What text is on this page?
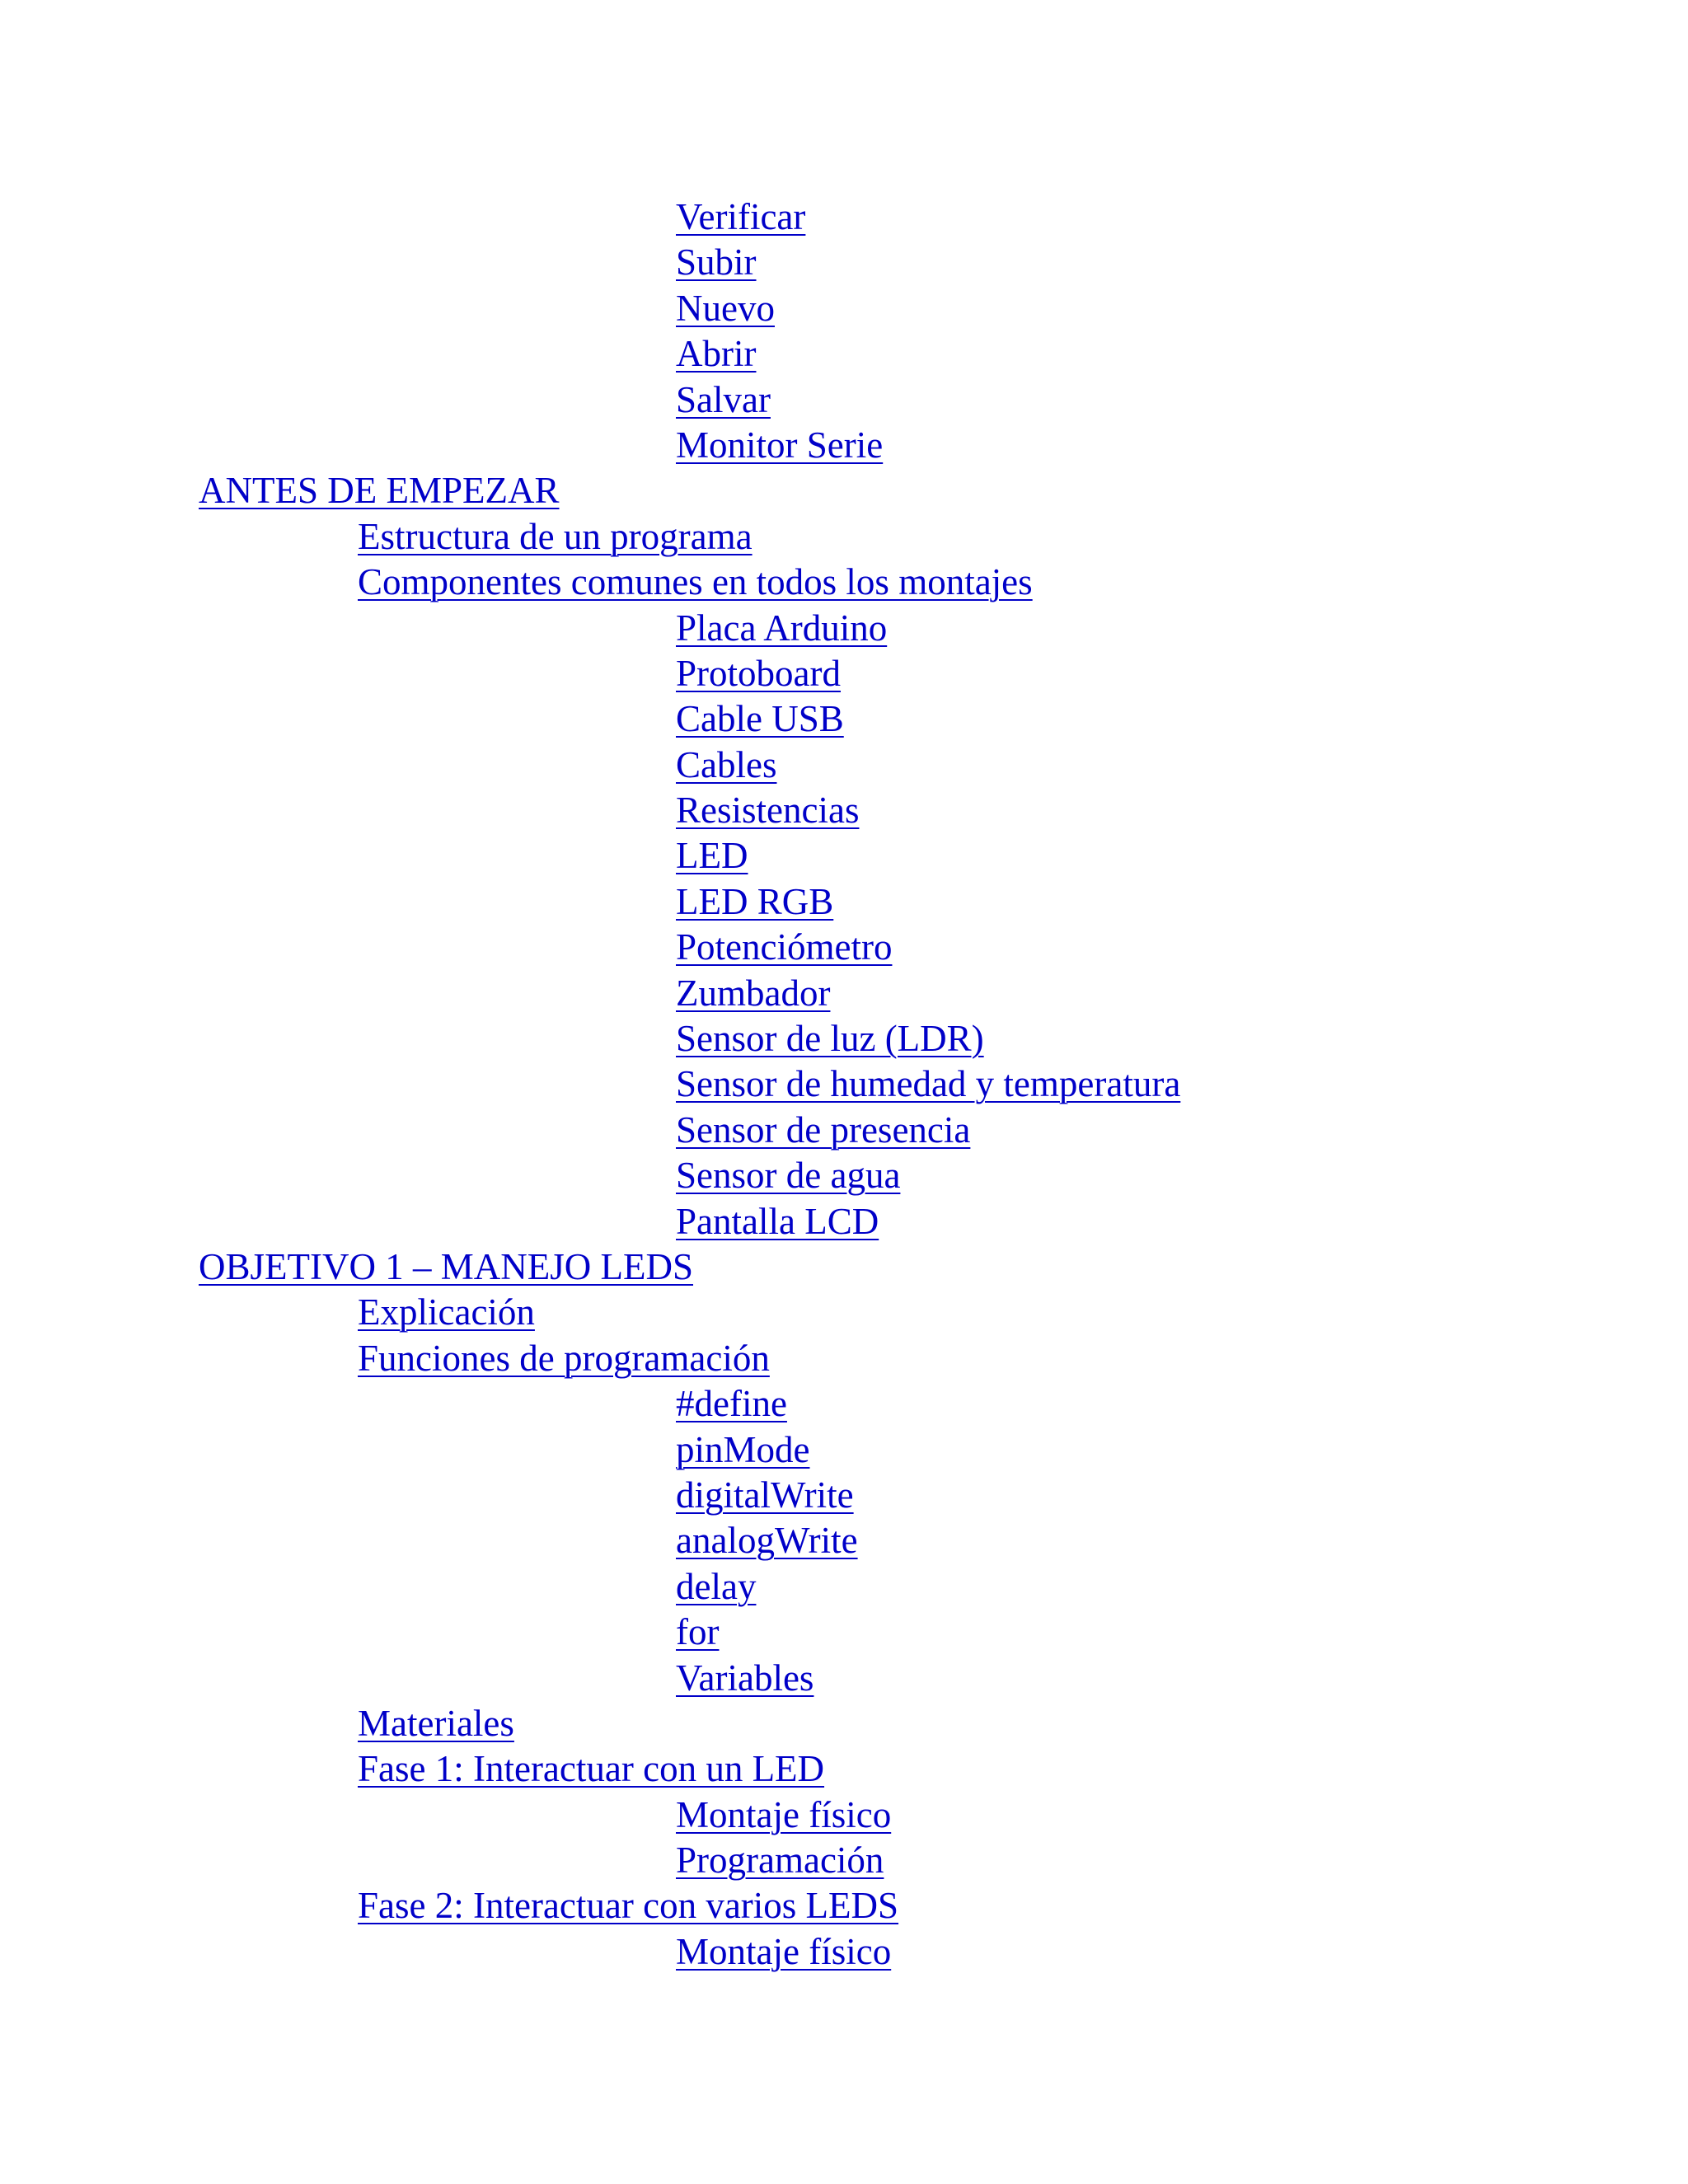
Verificar
Subir
Nuevo
Abrir
Salvar
Monitor Serie
ANTES DE EMPEZAR
Estructura de un programa
Componentes comunes en todos los montajes
Placa Arduino
Protoboard
Cable USB
Cables
Resistencias
LED
LED RGB
Potenciómetro
Zumbador
Sensor de luz (LDR)
Sensor de humedad y temperatura
Sensor de presencia
Sensor de agua
Pantalla LCD
OBJETIVO 1 – MANEJO LEDS
Explicación
Funciones de programación
#define
pinMode
digitalWrite
analogWrite
delay
for
Variables
Materiales
Fase 1: Interactuar con un LED
Montaje físico
Programación
Fase 2: Interactuar con varios LEDS
Montaje físico
